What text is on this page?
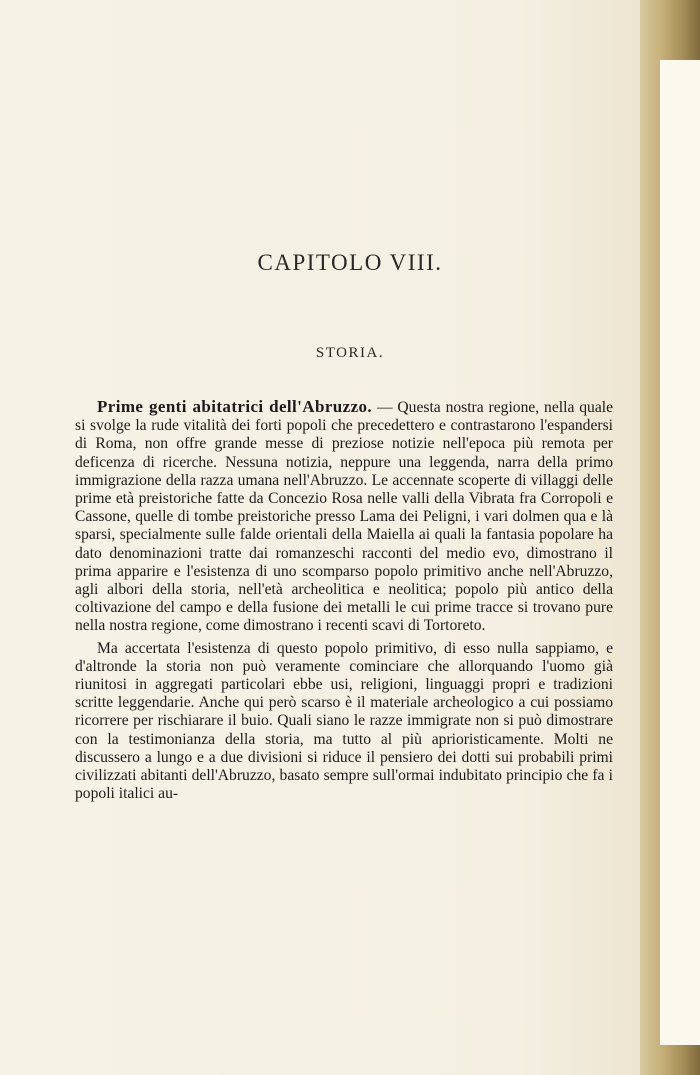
CAPITOLO VIII.
STORIA.

Prime genti abitatrici dell'Abruzzo. — Questa nostra regione, nella quale si svolge la rude vitalità dei forti popoli che precedettero e contrastarono l'espandersi di Roma, non offre grande messe di preziose notizie nell'epoca più remota per deficenza di ricerche. Nessuna notizia, neppure una leggenda, narra della primo immigrazione della razza umana nell'Abruzzo. Le accennate scoperte di villaggi delle prime età preistoriche fatte da Concezio Rosa nelle valli della Vibrata fra Corropoli e Cassone, quelle di tombe preistoriche presso Lama dei Peligni, i vari dolmen qua e là sparsi, specialmente sulle falde orientali della Maiella ai quali la fantasia popolare ha dato denominazioni tratte dai romanzeschi racconti del medio evo, dimostrano il prima apparire e l'esistenza di uno scomparso popolo primitivo anche nell'Abruzzo, agli albori della storia, nell'età archeolitica e neolitica; popolo più antico della coltivazione del campo e della fusione dei metalli le cui prime tracce si trovano pure nella nostra regione, come dimostrano i recenti scavi di Tortoreto.

Ma accertata l'esistenza di questo popolo primitivo, di esso nulla sappiamo, e d'altronde la storia non può veramente cominciare che allorquando l'uomo già riunitosi in aggregati particolari ebbe usi, religioni, linguaggi propri e tradizioni scritte leggendarie. Anche qui però scarso è il materiale archeologico a cui possiamo ricorrere per rischiarare il buio. Quali siano le razze immigrate non si può dimostrare con la testimonianza della storia, ma tutto al più aprioristicamente. Molti ne discussero a lungo e a due divisioni si riduce il pensiero dei dotti sui probabili primi civilizzati abitanti dell'Abruzzo, basato sempre sull'ormai indubitato principio che fa i popoli italici au-
